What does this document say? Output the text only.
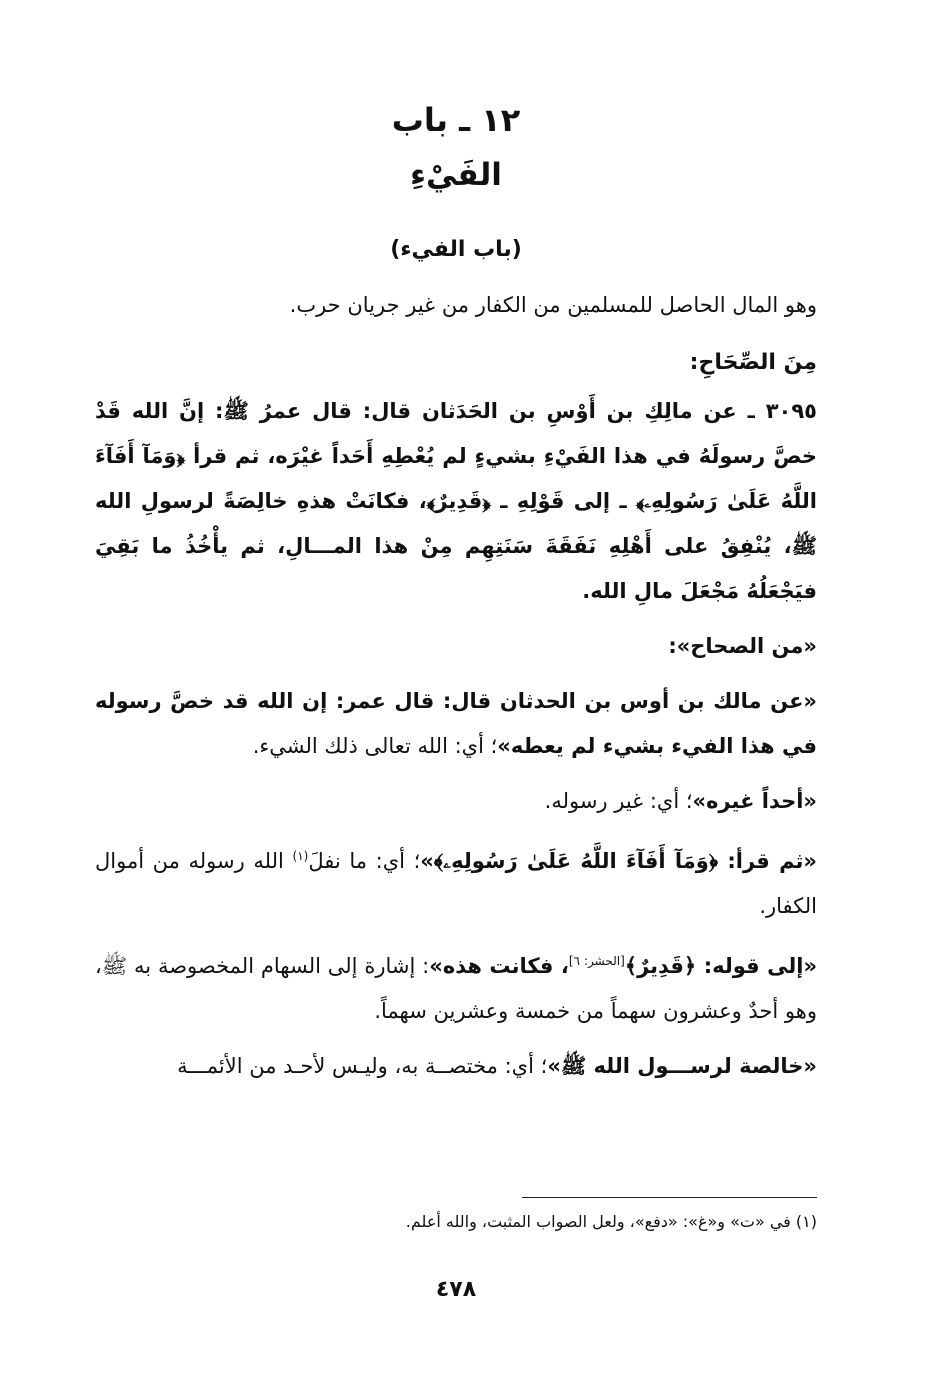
١٢ ـ باب
الفَيْءِ
(باب الفيء)

وهو المال الحاصل للمسلمين من الكفار من غير جريان حرب.

مِنَ الصِّحَاحِ:

٣٠٩٥ ـ عن مالِكِ بن أَوْسِ بن الحَدَثان قال: قال عمرُ ﷺ: إنَّ الله قَدْ خصَّ رسولَهُ في هذا الفَيْءِ بشيءٍ لم يُعْطِهِ أَحَداً غيْرَه، ثم قرأ ﴿وَمَآ أَفَآءَ اللَّهُ عَلَىٰ رَسُولِهِۦ﴾ ـ إلى قَوْلِهِ ـ ﴿قَدِيرٌ﴾، فكانَتْ هذهِ خالِصَةً لرسولِ الله ﷺ، يُنْفِقُ على أَهْلِهِ نَفَقَةَ سَنَتِهِم مِنْ هذا المـــالِ، ثم يأْخُذُ ما بَقِيَ فيَجْعَلُهُ مَجْعَلَ مالِ الله.

«من الصحاح»:
«عن مالك بن أوس بن الحدثان قال: قال عمر: إن الله قد خصَّ رسوله في هذا الفيء بشيء لم يعطه»؛ أي: الله تعالى ذلك الشيء.
«أحداً غيره»؛ أي: غير رسوله.
«ثم قرأ: ﴿وَمَآ أَفَآءَ اللَّهُ عَلَىٰ رَسُولِهِۦ﴾»؛ أي: ما نفلَ$^{(١)}$ الله رسوله من أموال الكفار.
«إلى قوله: ﴿قَدِيرٌ﴾[الحشر: ٦]، فكانت هذه»: إشارة إلى السهام المخصوصة به ﷺ، وهو أحدٌ وعشرون سهماً من خمسة وعشرين سهماً.
«خالصة لرســـول الله ﷺ»؛ أي: مختصــة به، وليـس لأحـد من الأئمـــة
(١) في «ت» و«غ»: «دفع»، ولعل الصواب المثبت، والله أعلم.
٤٧٨
